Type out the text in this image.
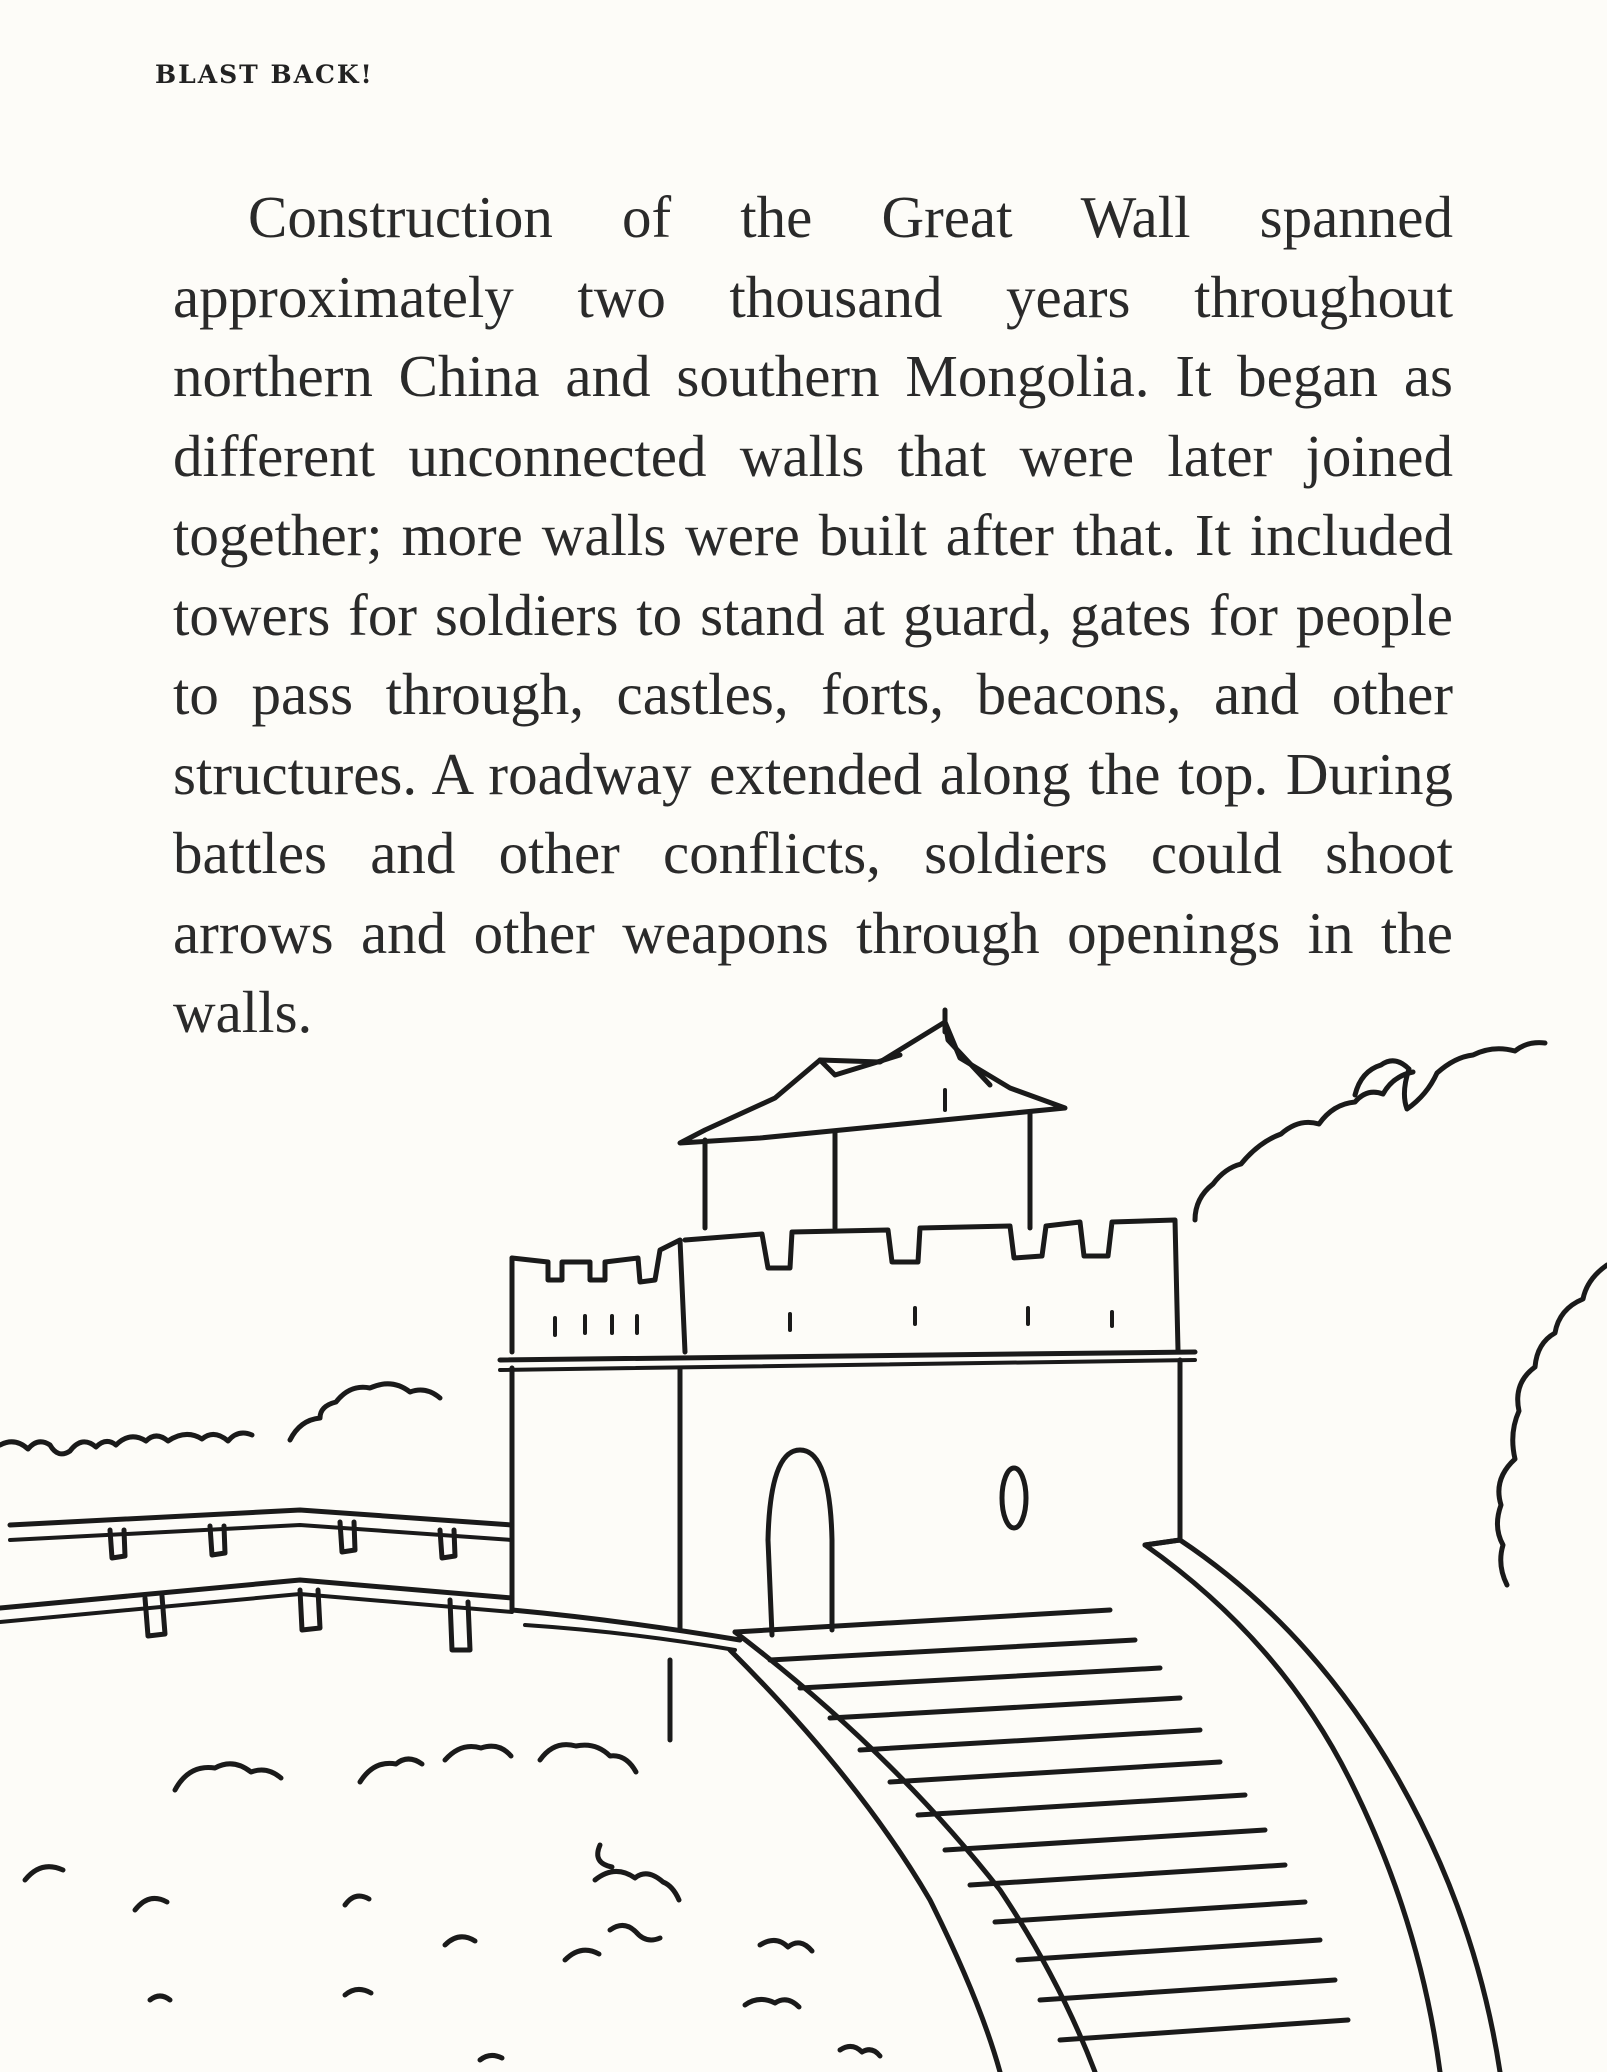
BLAST BACK!

Construction of the Great Wall spanned approximately two thousand years throughout northern China and southern Mongolia. It began as different unconnected walls that were later joined together; more walls were built after that. It included towers for soldiers to stand at guard, gates for people to pass through, castles, forts, beacons, and other structures. A roadway extended along the top. During battles and other conflicts, soldiers could shoot arrows and other weapons through openings in the walls.
